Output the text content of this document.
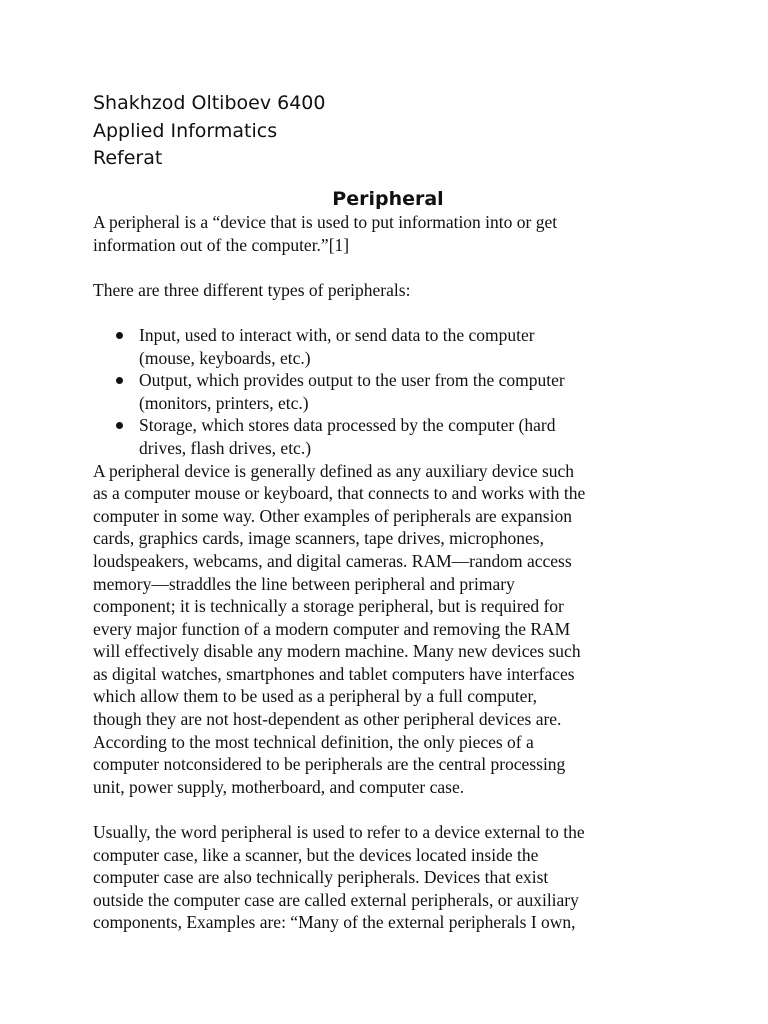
Shakhzod Oltiboev 6400
Applied Informatics
Referat
Peripheral

A peripheral is a “device that is used to put information into or get
information out of the computer.”[1]

There are three different types of peripherals:

Input, used to interact with, or send data to the computer
(mouse, keyboards, etc.)
Output, which provides output to the user from the computer
(monitors, printers, etc.)
Storage, which stores data processed by the computer (hard
drives, flash drives, etc.)

A peripheral device is generally defined as any auxiliary device such
as a computer mouse or keyboard, that connects to and works with the
computer in some way. Other examples of peripherals are expansion
cards, graphics cards, image scanners, tape drives, microphones,
loudspeakers, webcams, and digital cameras. RAM—random access
memory—straddles the line between peripheral and primary
component; it is technically a storage peripheral, but is required for
every major function of a modern computer and removing the RAM
will effectively disable any modern machine. Many new devices such
as digital watches, smartphones and tablet computers have interfaces
which allow them to be used as a peripheral by a full computer,
though they are not host-dependent as other peripheral devices are.
According to the most technical definition, the only pieces of a
computer notconsidered to be peripherals are the central processing
unit, power supply, motherboard, and computer case.

Usually, the word peripheral is used to refer to a device external to the
computer case, like a scanner, but the devices located inside the
computer case are also technically peripherals. Devices that exist
outside the computer case are called external peripherals, or auxiliary
components, Examples are: “Many of the external peripherals I own,
